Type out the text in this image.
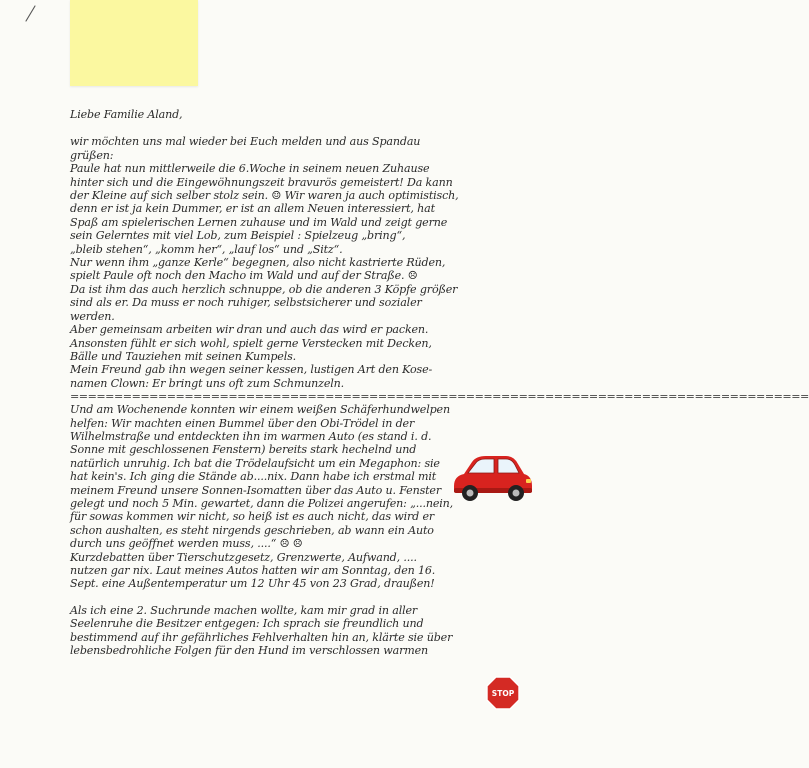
Liebe Familie Aland,

wir möchten uns mal wieder bei Euch melden und aus Spandau

grüßen:

Paule hat nun mittlerweile die 6.Woche in seinem neuen Zuhause

hinter sich und die Eingewöhnungszeit bravurös gemeistert! Da kann

der Kleine auf sich selber stolz sein. ☺ Wir waren ja auch optimistisch,

denn er ist ja kein Dummer, er ist an allem Neuen interessiert, hat

Spaß am spielerischen Lernen zuhause und im Wald und zeigt gerne

sein Gelerntes mit viel Lob, zum Beispiel : Spielzeug „bring“,

„bleib stehen“, „komm her“, „lauf los“ und „Sitz“.

Nur wenn ihm „ganze Kerle“ begegnen, also nicht kastrierte Rüden,

spielt Paule oft noch den Macho im Wald und auf der Straße. ☹

Da ist ihm das auch herzlich schnuppe, ob die anderen 3 Köpfe größer

sind als er. Da muss er noch ruhiger, selbstsicherer und sozialer

werden.

Aber gemeinsam arbeiten wir dran und auch das wird er packen.

Ansonsten fühlt er sich wohl, spielt gerne Verstecken mit Decken,

Bälle und Tauziehen mit seinen Kumpels.

Mein Freund gab ihn wegen seiner kessen, lustigen Art den Kose-

namen Clown: Er bringt uns oft zum Schmunzeln.

====================================================================================

Und am Wochenende konnten wir einem weißen Schäferhundwelpen

helfen: Wir machten einen Bummel über den Obi-Trödel in der

Wilhelmstraße und entdeckten ihn im warmen Auto (es stand i. d.

Sonne mit geschlossenen Fenstern) bereits stark hechelnd und

natürlich unruhig. Ich bat die Trödelaufsicht um ein Megaphon: sie

hat kein's. Ich ging die Stände ab....nix. Dann habe ich erstmal mit

meinem Freund unsere Sonnen-Isomatten über das Auto u. Fenster

gelegt und noch 5 Min. gewartet, dann die Polizei angerufen: „...nein,

für sowas kommen wir nicht, so heiß ist es auch nicht, das wird er

schon aushalten, es steht nirgends geschrieben, ab wann ein Auto

durch uns geöffnet werden muss, ....“ ☹ ☹

Kurzdebatten über Tierschutzgesetz, Grenzwerte, Aufwand, ....

nutzen gar nix. Laut meines Autos hatten wir am Sonntag, den 16.

Sept. eine Außentemperatur um 12 Uhr 45 von 23 Grad, draußen!

Als ich eine 2. Suchrunde machen wollte, kam mir grad in aller

Seelenruhe die Besitzer entgegen: Ich sprach sie freundlich und

bestimmend auf ihr gefährliches Fehlverhalten hin an, klärte sie über

lebensbedrohliche Folgen für den Hund im verschlossen warmen

STOP
